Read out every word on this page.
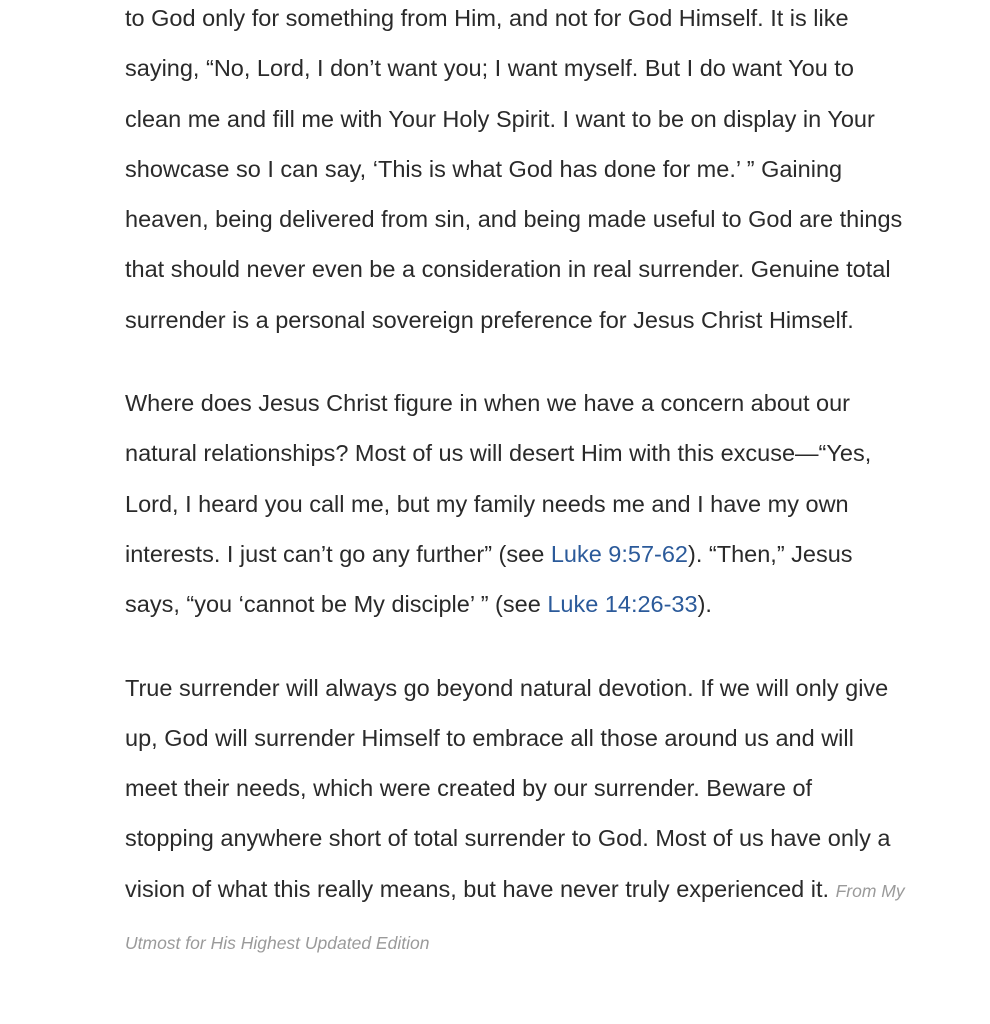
to God only for something from Him, and not for God Himself. It is like saying, “No, Lord, I don’t want you; I want myself. But I do want You to clean me and fill me with Your Holy Spirit. I want to be on display in Your showcase so I can say, ‘This is what God has done for me.’ ” Gaining heaven, being delivered from sin, and being made useful to God are things that should never even be a consideration in real surrender. Genuine total surrender is a personal sovereign preference for Jesus Christ Himself.

Where does Jesus Christ figure in when we have a concern about our natural relationships? Most of us will desert Him with this excuse—“Yes, Lord, I heard you call me, but my family needs me and I have my own interests. I just can’t go any further” (see Luke 9:57-62). “Then,” Jesus says, “you ‘cannot be My disciple’ ” (see Luke 14:26-33).

True surrender will always go beyond natural devotion. If we will only give up, God will surrender Himself to embrace all those around us and will meet their needs, which were created by our surrender. Beware of stopping anywhere short of total surrender to God. Most of us have only a vision of what this really means, but have never truly experienced it. From My Utmost for His Highest Updated Edition
